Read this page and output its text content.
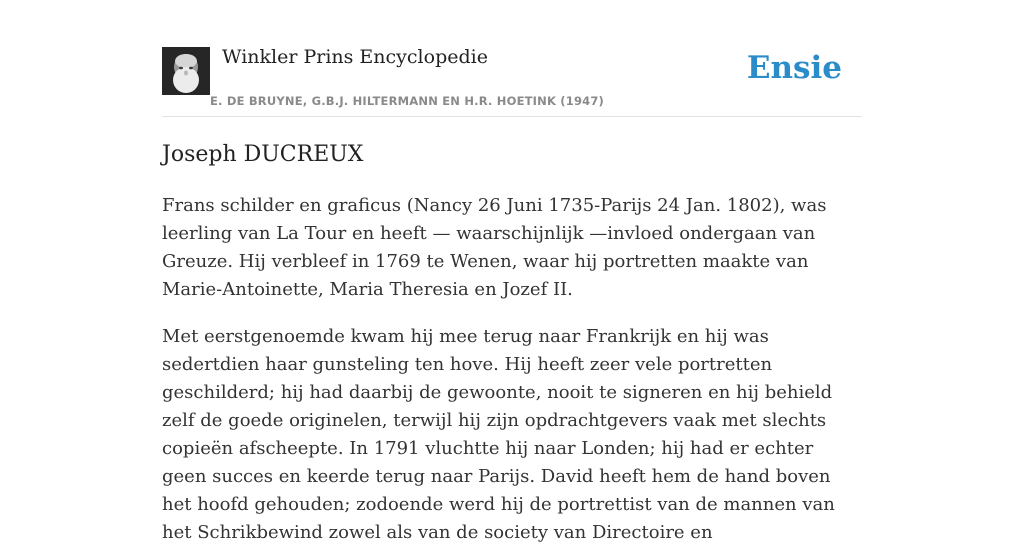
Winkler Prins Encyclopedie
E. DE BRUYNE, G.B.J. HILTERMANN EN H.R. HOETINK (1947)
Ensie
Joseph DUCREUX

Frans schilder en graficus (Nancy 26 Juni 1735-Parijs 24 Jan. 1802), was leerling van La Tour en heeft — waarschijnlijk —invloed ondergaan van Greuze. Hij verbleef in 1769 te Wenen, waar hij portretten maakte van Marie-Antoinette, Maria Theresia en Jozef II.

Met eerstgenoemde kwam hij mee terug naar Frankrijk en hij was sedertdien haar gunsteling ten hove. Hij heeft zeer vele portretten geschilderd; hij had daarbij de gewoonte, nooit te signeren en hij behield zelf de goede originelen, terwijl hij zijn opdrachtgevers vaak met slechts copieën afscheepte. In 1791 vluchtte hij naar Londen; hij had er echter geen succes en keerde terug naar Parijs. David heeft hem de hand boven het hoofd gehouden; zodoende werd hij de portrettist van de mannen van het Schrikbewind zowel als van de society van Directoire en
